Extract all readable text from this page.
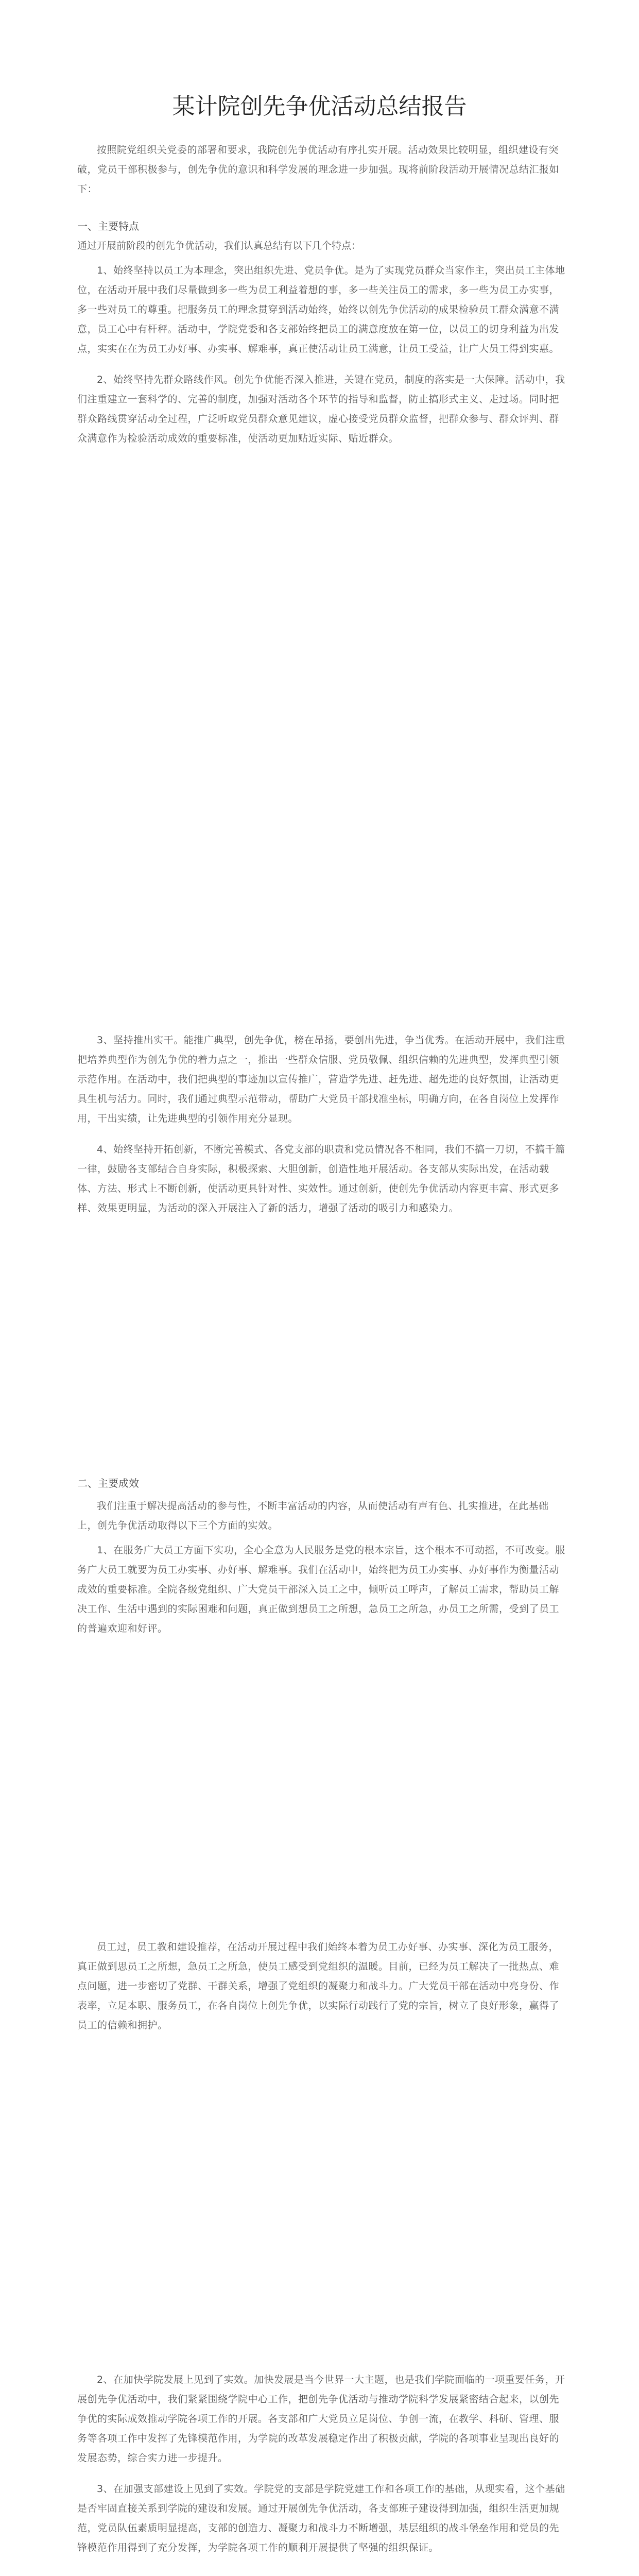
某计院创先争优活动总结报告

按照院党组织关党委的部署和要求，我院创先争优活动有序扎实开展。活动效果比较明显，组织建设有突破，党员干部积极参与，创先争优的意识和科学发展的理念进一步加强。现将前阶段活动开展情况总结汇报如下：

一、主要特点

通过开展前阶段的创先争优活动，我们认真总结有以下几个特点：

1、始终坚持以员工为本理念，突出组织先进、党员争优。是为了实现党员群众当家作主，突出员工主体地位，在活动开展中我们尽量做到多一些为员工利益着想的事，多一些关注员工的需求，多一些为员工办实事，多一些对员工的尊重。把服务员工的理念贯穿到活动始终，始终以创先争优活动的成果检验员工群众满意不满意，员工心中有杆秤。活动中，学院党委和各支部始终把员工的满意度放在第一位，以员工的切身利益为出发点，实实在在为员工办好事、办实事、解难事，真正使活动让员工满意，让员工受益，让广大员工得到实惠。

2、始终坚持先群众路线作风。创先争优能否深入推进，关键在党员，制度的落实是一大保障。活动中，我们注重建立一套科学的、完善的制度，加强对活动各个环节的指导和监督，防止搞形式主义、走过场。同时把群众路线贯穿活动全过程，广泛听取党员群众意见建议，虚心接受党员群众监督，把群众参与、群众评判、群众满意作为检验活动成效的重要标准，使活动更加贴近实际、贴近群众。

3、坚持推出实干。能推广典型，创先争优，榜在昂扬，要创出先进，争当优秀。在活动开展中，我们注重把培养典型作为创先争优的着力点之一，推出一些群众信服、党员敬佩、组织信赖的先进典型，发挥典型引领示范作用。在活动中，我们把典型的事迹加以宣传推广，营造学先进、赶先进、超先进的良好氛围，让活动更具生机与活力。同时，我们通过典型示范带动，帮助广大党员干部找准坐标，明确方向，在各自岗位上发挥作用，干出实绩，让先进典型的引领作用充分显现。

4、始终坚持开拓创新，不断完善模式、各党支部的职责和党员情况各不相同，我们不搞一刀切，不搞千篇一律，鼓励各支部结合自身实际，积极探索、大胆创新，创造性地开展活动。各支部从实际出发，在活动载体、方法、形式上不断创新，使活动更具针对性、实效性。通过创新，使创先争优活动内容更丰富、形式更多样、效果更明显，为活动的深入开展注入了新的活力，增强了活动的吸引力和感染力。

二、主要成效

我们注重于解决提高活动的参与性，不断丰富活动的内容，从而使活动有声有色、扎实推进，在此基础上，创先争优活动取得以下三个方面的实效。

1、在服务广大员工方面下实功，全心全意为人民服务是党的根本宗旨，这个根本不可动摇，不可改变。服务广大员工就要为员工办实事、办好事、解难事。我们在活动中，始终把为员工办实事、办好事作为衡量活动成效的重要标准。全院各级党组织、广大党员干部深入员工之中，倾听员工呼声，了解员工需求，帮助员工解决工作、生活中遇到的实际困难和问题，真正做到想员工之所想，急员工之所急，办员工之所需，受到了员工的普遍欢迎和好评。

员工过，员工教和建设推荐，在活动开展过程中我们始终本着为员工办好事、办实事、深化为员工服务，真正做到思员工之所想，急员工之所急，使员工感受到党组织的温暖。目前，已经为员工解决了一批热点、难点问题，进一步密切了党群、干群关系，增强了党组织的凝聚力和战斗力。广大党员干部在活动中亮身份、作表率，立足本职、服务员工，在各自岗位上创先争优，以实际行动践行了党的宗旨，树立了良好形象，赢得了员工的信赖和拥护。

2、在加快学院发展上见到了实效。加快发展是当今世界一大主题，也是我们学院面临的一项重要任务，开展创先争优活动中，我们紧紧围绕学院中心工作，把创先争优活动与推动学院科学发展紧密结合起来，以创先争优的实际成效推动学院各项工作的开展。各支部和广大党员立足岗位、争创一流，在教学、科研、管理、服务等各项工作中发挥了先锋模范作用，为学院的改革发展稳定作出了积极贡献，学院的各项事业呈现出良好的发展态势，综合实力进一步提升。

3、在加强支部建设上见到了实效。学院党的支部是学院党建工作和各项工作的基础，从现实看，这个基础是否牢固直接关系到学院的建设和发展。通过开展创先争优活动，各支部班子建设得到加强，组织生活更加规范，党员队伍素质明显提高，支部的创造力、凝聚力和战斗力不断增强，基层组织的战斗堡垒作用和党员的先锋模范作用得到了充分发挥，为学院各项工作的顺利开展提供了坚强的组织保证。
